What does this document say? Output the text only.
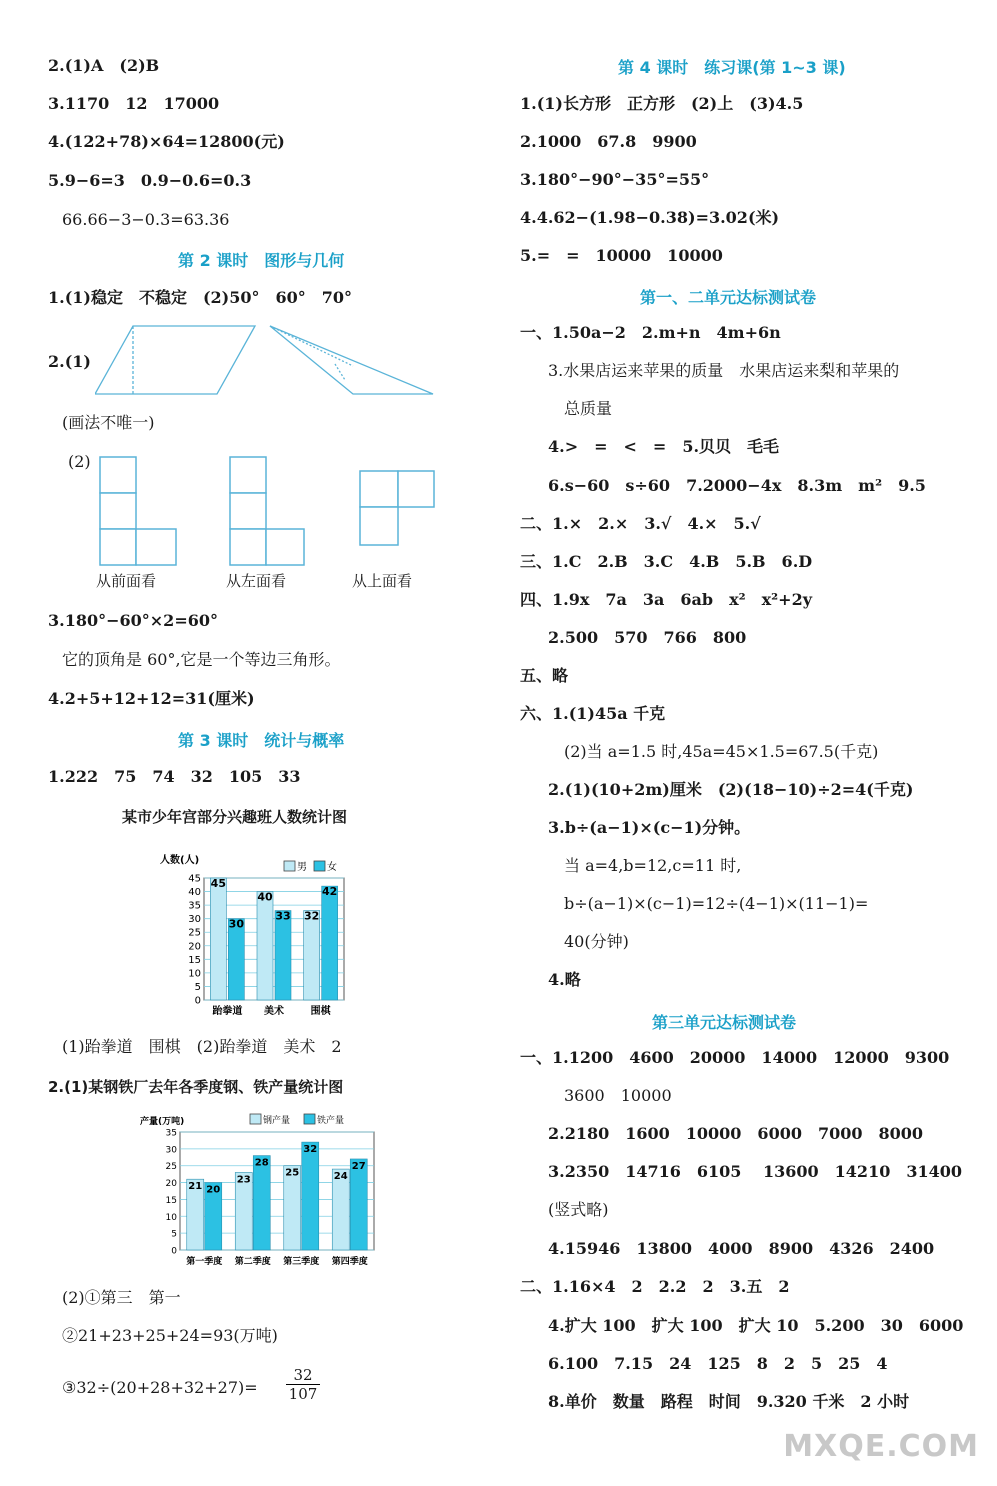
2.(1)A　(2)B
3.1170　12　17000
4.(122+78)×64=12800(元)
5.9−6=3　0.9−0.6=0.3
66.66−3−0.3=63.36
第 2 课时　图形与几何
1.(1)稳定　不稳定　(2)50°　60°　70°
2.(1)
(画法不唯一)
(2)
从前面看	从左面看	从上面看
3.180°−60°×2=60°
它的顶角是 60°,它是一个等边三角形。
4.2+5+12+12=31(厘米)
第 3 课时　统计与概率
1.222　75　74　32　105　33
某市少年宫部分兴趣班人数统计图
0
5
10
15
20
25
30
35
40
45
人数(人)
男 女
45
30
跆拳道
40
33
美术
32
42
围棋
(1)跆拳道　围棋　(2)跆拳道　美术　2
2.(1)某钢铁厂去年各季度钢、铁产量统计图
0
5
10
15
20
25
30
35
产量(万吨)	钢产量	铁产量
21 20
第一季度
23
28
第二季度
25
32
第三季度
24
27
第四季度
(2)①第三　第一
②21+23+25+24=93(万吨)
③32÷(20+28+32+27)= $\frac{32}{107}$
第 4 课时　练习课(第 1~3 课)
1.(1)长方形　正方形　(2)上　(3)4.5
2.1000　67.8　9900
3.180°−90°−35°=55°
4.4.62−(1.98−0.38)=3.02(米)
5.=　=　10000　10000
第一、二单元达标测试卷
一、1.50a−2　2.m+n　4m+6n
3.水果店运来苹果的质量　水果店运来梨和苹果的
总质量
4.>　=　<　=　5.贝贝　毛毛
6.s−60　s÷60　7.2000−4x　8.3m　m²　9.5
二、1.×　2.×　3.√　4.×　5.√
三、1.C　2.B　3.C　4.B　5.B　6.D
四、1.9x　7a　3a　6ab　x²　x²+2y
2.500　570　766　800
五、略
六、1.(1)45a 千克
(2)当 a=1.5 时,45a=45×1.5=67.5(千克)
2.(1)(10+2m)厘米　(2)(18−10)÷2=4(千克)
3.b÷(a−1)×(c−1)分钟。
当 a=4,b=12,c=11 时,
b÷(a−1)×(c−1)=12÷(4−1)×(11−1)=
40(分钟)
4.略
第三单元达标测试卷
一、1.1200　4600　20000　14000　12000　9300
3600　10000
2.2180　1600　10000　6000　7000　8000
3.2350　14716　6105　 13600　14210　31400
(竖式略)
4.15946　13800　4000　8900　4326　2400
二、1.16×4　2　2.2　2　3.五　2
4.扩大 100　扩大 100　扩大 10　5.200　30　6000
6.100　7.15　24　125　8　2　5　25　4
8.单价　数量　路程　时间　9.320 千米　2 小时
MXQE.COM
